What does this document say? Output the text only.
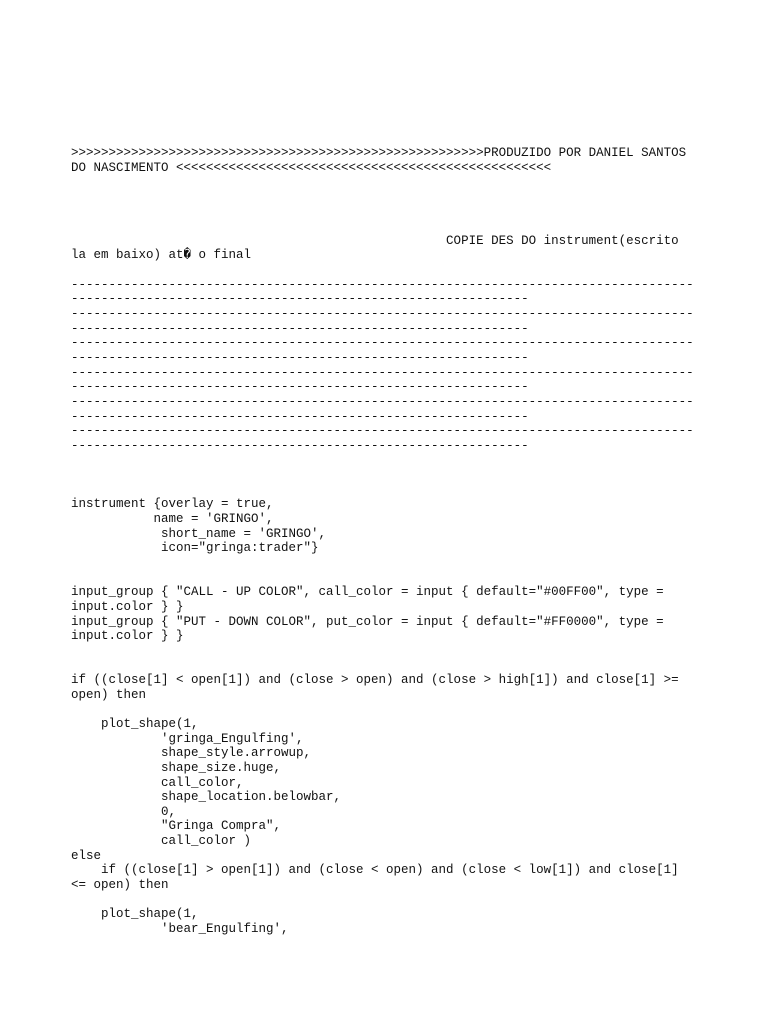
>>>>>>>>>>>>>>>>>>>>>>>>>>>>>>>>>>>>>>>>>>>>>>>>>>>>>>>PRODUZIDO POR DANIEL SANTOS
DO NASCIMENTO <<<<<<<<<<<<<<<<<<<<<<<<<<<<<<<<<<<<<<<<<<<<<<<<<<
COPIE DES DO instrument(escrito
la em baixo) at� o final
-----------------------------------------------------------------------------------
-------------------------------------------------------------
-----------------------------------------------------------------------------------
-------------------------------------------------------------
-----------------------------------------------------------------------------------
-------------------------------------------------------------
-----------------------------------------------------------------------------------
-------------------------------------------------------------
-----------------------------------------------------------------------------------
-------------------------------------------------------------
-----------------------------------------------------------------------------------
-------------------------------------------------------------
instrument {overlay = true,
name = 'GRINGO',
short_name = 'GRINGO',
icon="gringa:trader"}
input_group { "CALL - UP COLOR", call_color = input { default="#00FF00", type =
input.color } }
input_group { "PUT - DOWN COLOR", put_color = input { default="#FF0000", type =
input.color } }
if ((close[1] < open[1]) and (close > open) and (close > high[1]) and close[1] >=
open) then
plot_shape(1,
'gringa_Engulfing',
shape_style.arrowup,
shape_size.huge,
call_color,
shape_location.belowbar,
0,
"Gringa Compra",
call_color )
else
if ((close[1] > open[1]) and (close < open) and (close < low[1]) and close[1]
<= open) then
plot_shape(1,
'bear_Engulfing',
